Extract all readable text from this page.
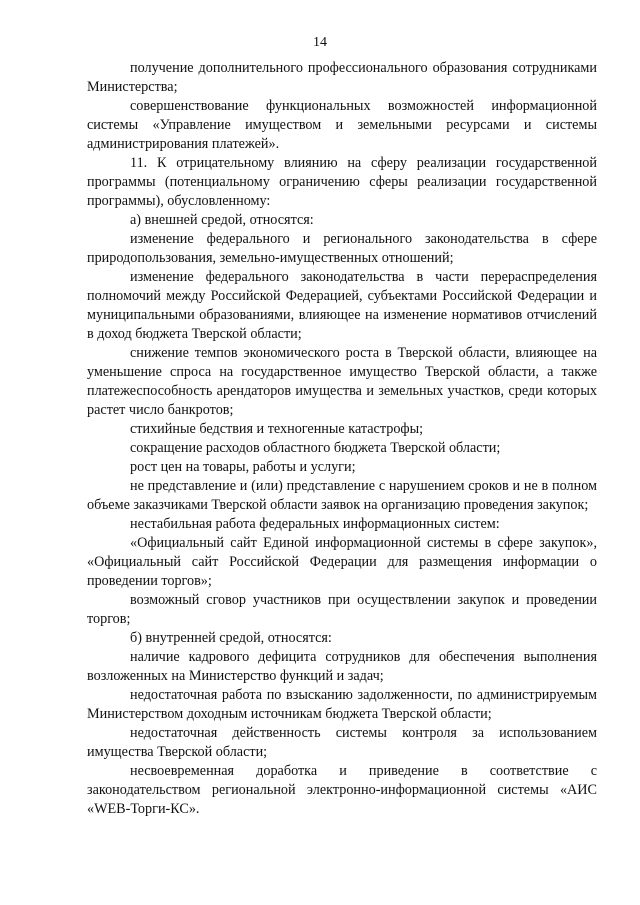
14

получение дополнительного профессионального образования сотрудниками Министерства;

совершенствование функциональных возможностей информационной системы «Управление имуществом и земельными ресурсами и системы администрирования платежей».

11. К отрицательному влиянию на сферу реализации государственной программы (потенциальному ограничению сферы реализации государственной программы), обусловленному:

а) внешней средой, относятся:

изменение федерального и регионального законодательства в сфере природопользования, земельно-имущественных отношений;

изменение федерального законодательства в части перераспределения полномочий между Российской Федерацией, субъектами Российской Федерации и муниципальными образованиями, влияющее на изменение нормативов отчислений в доход бюджета Тверской области;

снижение темпов экономического роста в Тверской области, влияющее на уменьшение спроса на государственное имущество Тверской области, а также платежеспособность арендаторов имущества и земельных участков, среди которых растет число банкротов;

стихийные бедствия и техногенные катастрофы;

сокращение расходов областного бюджета Тверской области;

рост цен на товары, работы и услуги;

не представление и (или) представление с нарушением сроков и не в полном объеме заказчиками Тверской области заявок на организацию проведения закупок;

нестабильная работа федеральных информационных систем:

«Официальный сайт Единой информационной системы в сфере закупок», «Официальный сайт Российской Федерации для размещения информации о проведении торгов»;

возможный сговор участников при осуществлении закупок и проведении торгов;

б) внутренней средой, относятся:

наличие кадрового дефицита сотрудников для обеспечения выполнения возложенных на Министерство функций и задач;

недостаточная работа по взысканию задолженности, по администрируемым Министерством доходным источникам бюджета Тверской области;

недостаточная действенность системы контроля за использованием имущества Тверской области;

несвоевременная доработка и приведение в соответствие с законодательством региональной электронно-информационной системы «АИС «WEB-Торги-КС».
